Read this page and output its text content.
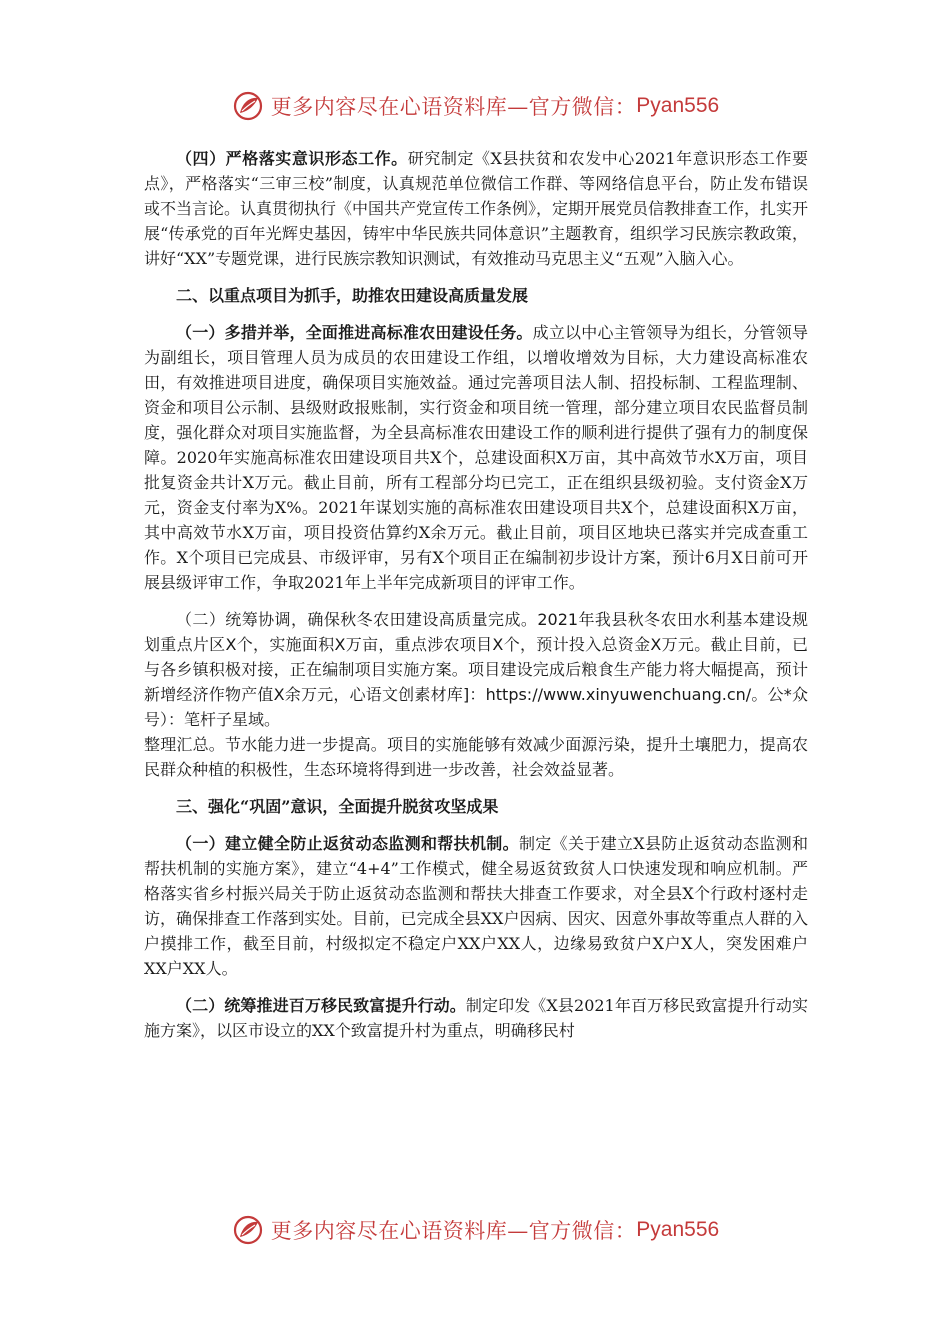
更多内容尽在心语资料库—官方微信： Pyan556

（四）严格落实意识形态工作。研究制定《X县扶贫和农发中心2021年意识形态工作要点》，严格落实“三审三校”制度，认真规范单位微信工作群、等网络信息平台，防止发布错误或不当言论。认真贯彻执行《中国共产党宣传工作条例》，定期开展党员信教排查工作，扎实开展“传承党的百年光辉史基因，铸牢中华民族共同体意识”主题教育，组织学习民族宗教政策，讲好“XX”专题党课，进行民族宗教知识测试，有效推动马克思主义“五观”入脑入心。

二、以重点项目为抓手，助推农田建设高质量发展

（一）多措并举，全面推进高标准农田建设任务。成立以中心主管领导为组长，分管领导为副组长，项目管理人员为成员的农田建设工作组，以增收增效为目标，大力建设高标准农田，有效推进项目进度，确保项目实施效益。通过完善项目法人制、招投标制、工程监理制、资金和项目公示制、县级财政报账制，实行资金和项目统一管理，部分建立项目农民监督员制度，强化群众对项目实施监督，为全县高标准农田建设工作的顺利进行提供了强有力的制度保障。2020年实施高标准农田建设项目共X个，总建设面积X万亩，其中高效节水X万亩，项目批复资金共计X万元。截止目前，所有工程部分均已完工，正在组织县级初验。支付资金X万元，资金支付率为X%。2021年谋划实施的高标准农田建设项目共X个，总建设面积X万亩，其中高效节水X万亩，项目投资估算约X余万元。截止目前，项目区地块已落实并完成查重工作。X个项目已完成县、市级评审，另有X个项目正在编制初步设计方案，预计6月X日前可开展县级评审工作，争取2021年上半年完成新项目的评审工作。

（二）统筹协调，确保秋冬农田建设高质量完成。2021年我县秋冬农田水利基本建设规划重点片区X个，实施面积X万亩，重点涉农项目X个，预计投入总资金X万元。截止目前，已与各乡镇积极对接，正在编制项目实施方案。项目建设完成后粮食生产能力将大幅提高，预计新增经济作物产值X余万元，心语文创素材库]：https://www.xinyuwenchuang.cn/。公*众号）：笔杆子星域。
整理汇总。节水能力进一步提高。项目的实施能够有效减少面源污染，提升土壤肥力，提高农民群众种植的积极性，生态环境将得到进一步改善，社会效益显著。

三、强化“巩固”意识，全面提升脱贫攻坚成果

（一）建立健全防止返贫动态监测和帮扶机制。制定《关于建立X县防止返贫动态监测和帮扶机制的实施方案》，建立“4+4”工作模式，健全易返贫致贫人口快速发现和响应机制。严格落实省乡村振兴局关于防止返贫动态监测和帮扶大排查工作要求，对全县X个行政村逐村走访，确保排查工作落到实处。目前，已完成全县XX户因病、因灾、因意外事故等重点人群的入户摸排工作，截至目前，村级拟定不稳定户XX户XX人，边缘易致贫户X户X人，突发困难户XX户XX人。

（二）统筹推进百万移民致富提升行动。制定印发《X县2021年百万移民致富提升行动实施方案》，以区市设立的XX个致富提升村为重点，明确移民村

更多内容尽在心语资料库—官方微信： Pyan556
